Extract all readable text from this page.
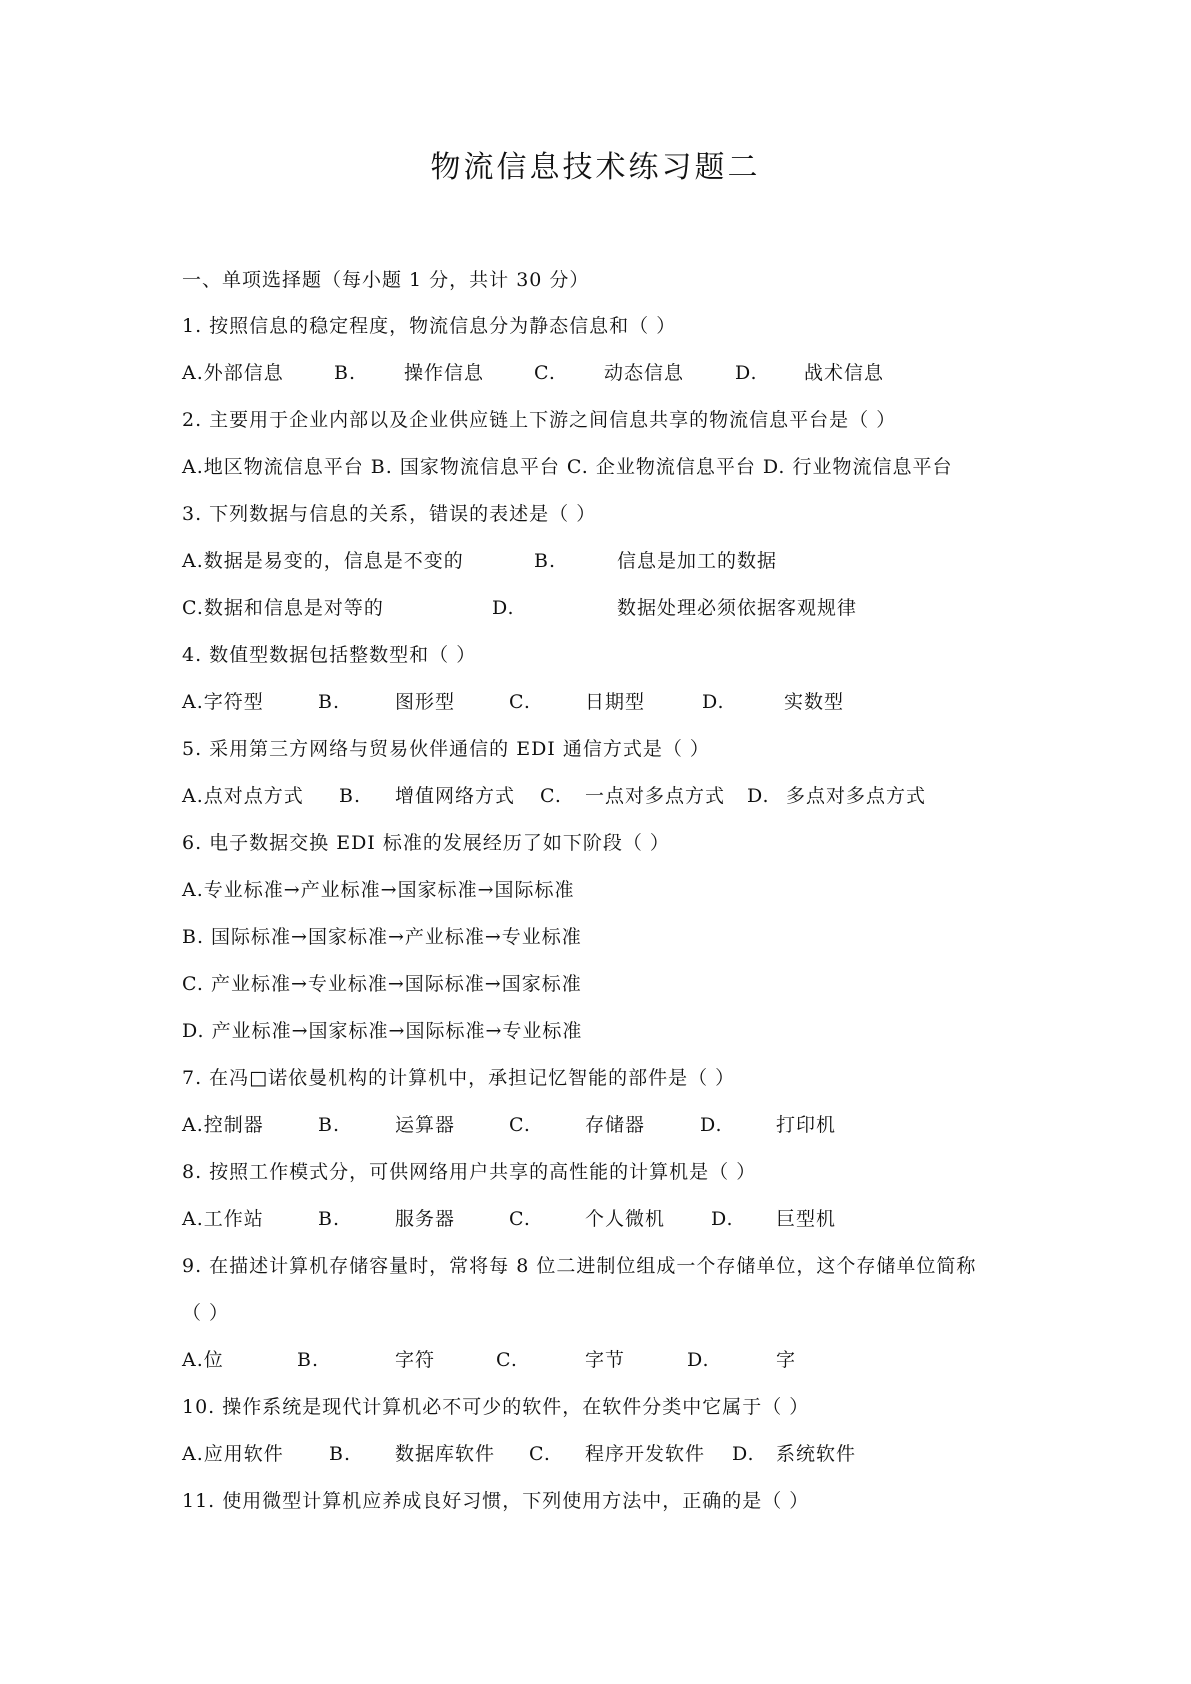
物流信息技术练习题二
一、单项选择题（每小题 1 分，共计 30 分）
1. 按照信息的稳定程度，物流信息分为静态信息和（ ）
A.外部信息	B.	操作信息	C.	动态信息	D. 战术信息
2. 主要用于企业内部以及企业供应链上下游之间信息共享的物流信息平台是（ ）
A.地区物流信息平台 B. 国家物流信息平台 C. 企业物流信息平台 D. 行业物流信息平台
3. 下列数据与信息的关系，错误的表述是（ ）
A.数据是易变的，信息是不变的	B.	信息是加工的数据
C.数据和信息是对等的	D.	数据处理必须依据客观规律
4. 数值型数据包括整数型和（ ）
A.字符型	B.	图形型	C.	日期型	D.	实数型
5. 采用第三方网络与贸易伙伴通信的 EDI 通信方式是（ ）
A.点对点方式 B. 增值网络方式 C. 一点对多点方式 D. 多点对多点方式
6. 电子数据交换 EDI 标准的发展经历了如下阶段（ ）
A.专业标准→产业标准→国家标准→国际标准
B. 国际标准→国家标准→产业标准→专业标准
C. 产业标准→专业标准→国际标准→国家标准
D. 产业标准→国家标准→国际标准→专业标准
7. 在冯□诺依曼机构的计算机中，承担记忆智能的部件是（ ）
A.控制器	B.	运算器	C.	存储器	D.	打印机
8. 按照工作模式分，可供网络用户共享的高性能的计算机是（ ）
A.工作站	B.	服务器	C.	个人微机 D. 巨型机
9. 在描述计算机存储容量时，常将每 8 位二进制位组成一个存储单位，这个存储单位简称
（ ）
A.位	B.	字符	C.	字节	D.	字
10. 操作系统是现代计算机必不可少的软件，在软件分类中它属于（ ）
A.应用软件 B. 数据库软件 C. 程序开发软件 D. 系统软件
11. 使用微型计算机应养成良好习惯，下列使用方法中，正确的是（ ）
